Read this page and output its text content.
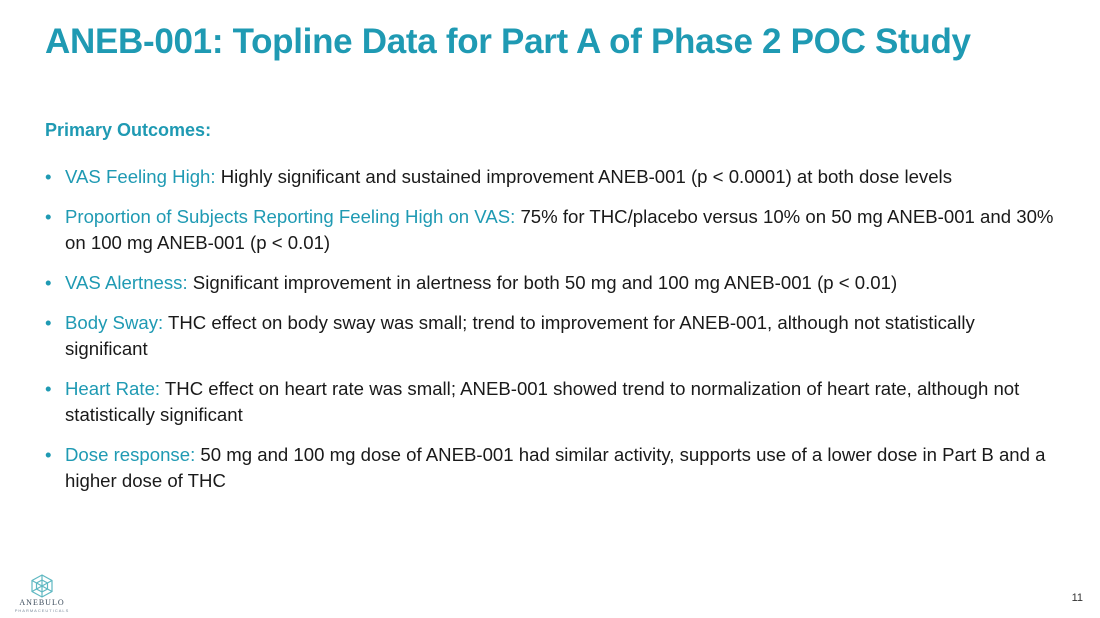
ANEB-001: Topline Data for Part A of Phase 2 POC Study
Primary Outcomes:
• VAS Feeling High: Highly significant and sustained improvement ANEB-001 (p < 0.0001) at both dose levels
• Proportion of Subjects Reporting Feeling High on VAS: 75% for THC/placebo versus 10% on 50 mg ANEB-001 and 30% on 100 mg ANEB-001 (p < 0.01)
• VAS Alertness: Significant improvement in alertness for both 50 mg and 100 mg ANEB-001 (p < 0.01)
• Body Sway: THC effect on body sway was small; trend to improvement for ANEB-001, although not statistically significant
• Heart Rate: THC effect on heart rate was small; ANEB-001 showed trend to normalization of heart rate, although not statistically significant
• Dose response: 50 mg and 100 mg dose of ANEB-001 had similar activity, supports use of a lower dose in Part B and a higher dose of THC
ANEBULO
PHARMACEUTICALS
11
